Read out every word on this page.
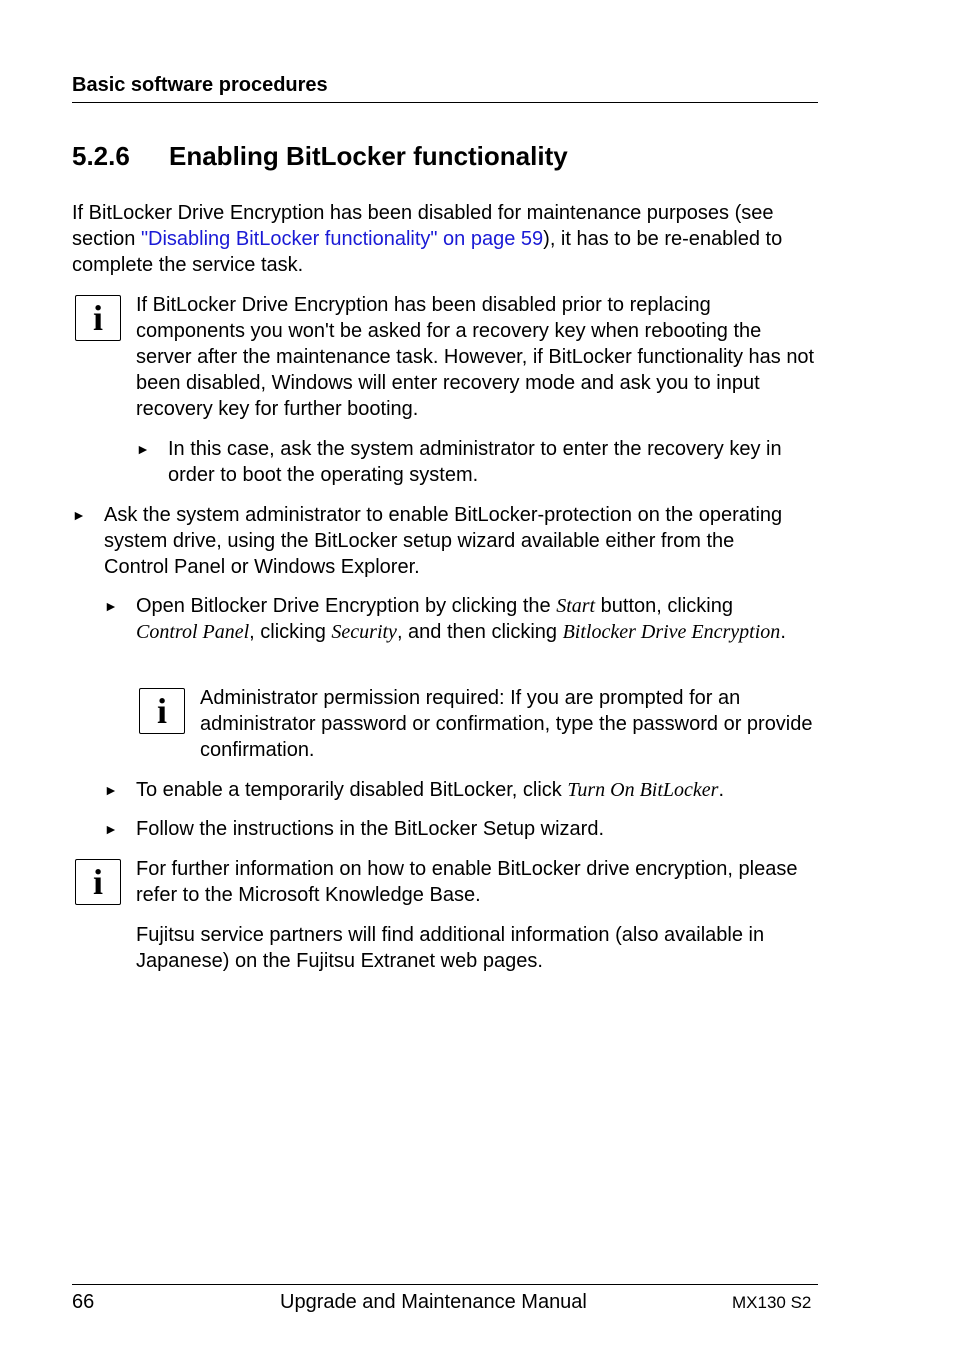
Basic software procedures
5.2.6 Enabling BitLocker functionality
If BitLocker Drive Encryption has been disabled for maintenance purposes (see section "Disabling BitLocker functionality" on page 59), it has to be re-enabled to complete the service task.
i If BitLocker Drive Encryption has been disabled prior to replacing components you won't be asked for a recovery key when rebooting the server after the maintenance task. However, if BitLocker functionality has not been disabled, Windows will enter recovery mode and ask you to input recovery key for further booting.
► In this case, ask the system administrator to enter the recovery key in order to boot the operating system.
► Ask the system administrator to enable BitLocker-protection on the operating system drive, using the BitLocker setup wizard available either from the Control Panel or Windows Explorer.
► Open Bitlocker Drive Encryption by clicking the Start button, clicking
Control Panel, clicking Security, and then clicking Bitlocker Drive Encryption.
i Administrator permission required: If you are prompted for an administrator password or confirmation, type the password or provide confirmation.
► To enable a temporarily disabled BitLocker, click Turn On BitLocker.
► Follow the instructions in the BitLocker Setup wizard.
i For further information on how to enable BitLocker drive encryption, please refer to the Microsoft Knowledge Base.
Fujitsu service partners will find additional information (also available in Japanese) on the Fujitsu Extranet web pages.
66	Upgrade and Maintenance Manual	MX130 S2
